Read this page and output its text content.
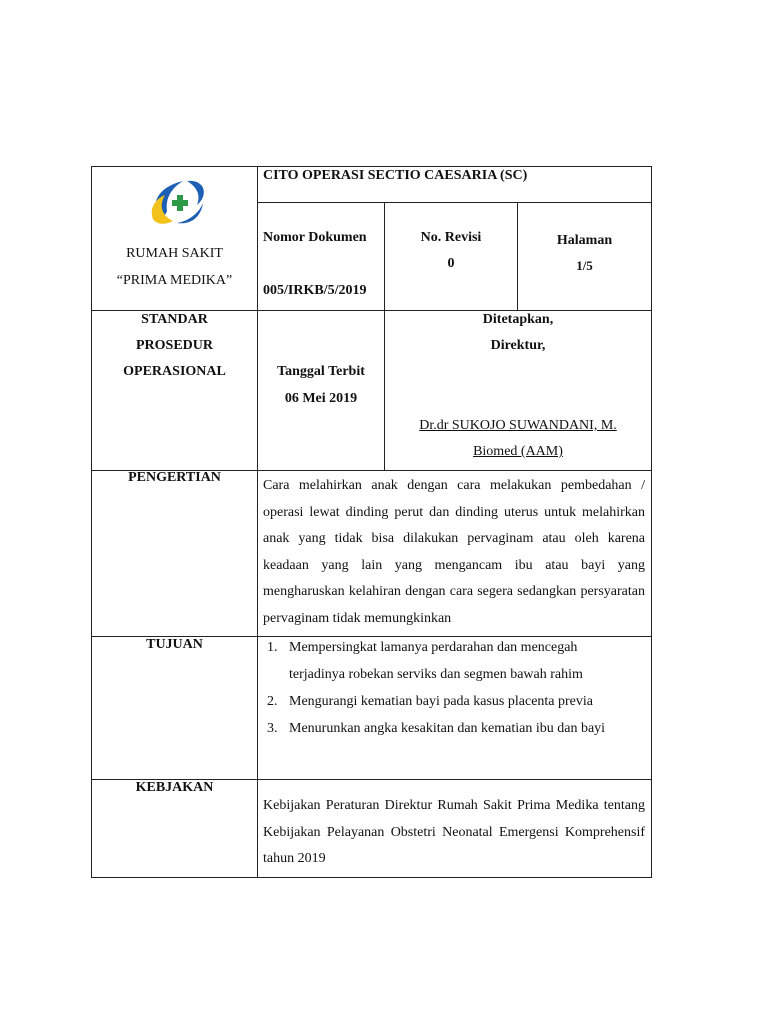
RUMAH SAKIT
“PRIMA MEDIKA”
CITO OPERASI SECTIO CAESARIA (SC)
Nomor Dokumen
005/IRKB/5/2019
No. Revisi
0
Halaman
1/5
STANDAR
PROSEDUR
OPERASIONAL	Tanggal Terbit
06 Mei 2019
Ditetapkan,
Direktur,
Dr.dr SUKOJO SUWANDANI, M.
Biomed (AAM)
PENGERTIAN
Cara melahirkan anak dengan cara melakukan pembedahan / operasi lewat dinding perut dan dinding uterus untuk melahirkan anak yang tidak bisa dilakukan pervaginam atau oleh karena keadaan yang lain yang mengancam ibu atau bayi yang mengharuskan kelahiran dengan cara segera sedangkan persyaratan pervaginam tidak memungkinkan
TUJUAN	1. Mempersingkat lamanya perdarahan dan mencegah terjadinya robekan serviks dan segmen bawah rahim
2. Mengurangi kematian bayi pada kasus placenta previa
3. Menurunkan angka kesakitan dan kematian ibu dan bayi
KEBJAKAN
Kebijakan Peraturan Direktur Rumah Sakit Prima Medika tentang Kebijakan Pelayanan Obstetri Neonatal Emergensi Komprehensif tahun 2019
